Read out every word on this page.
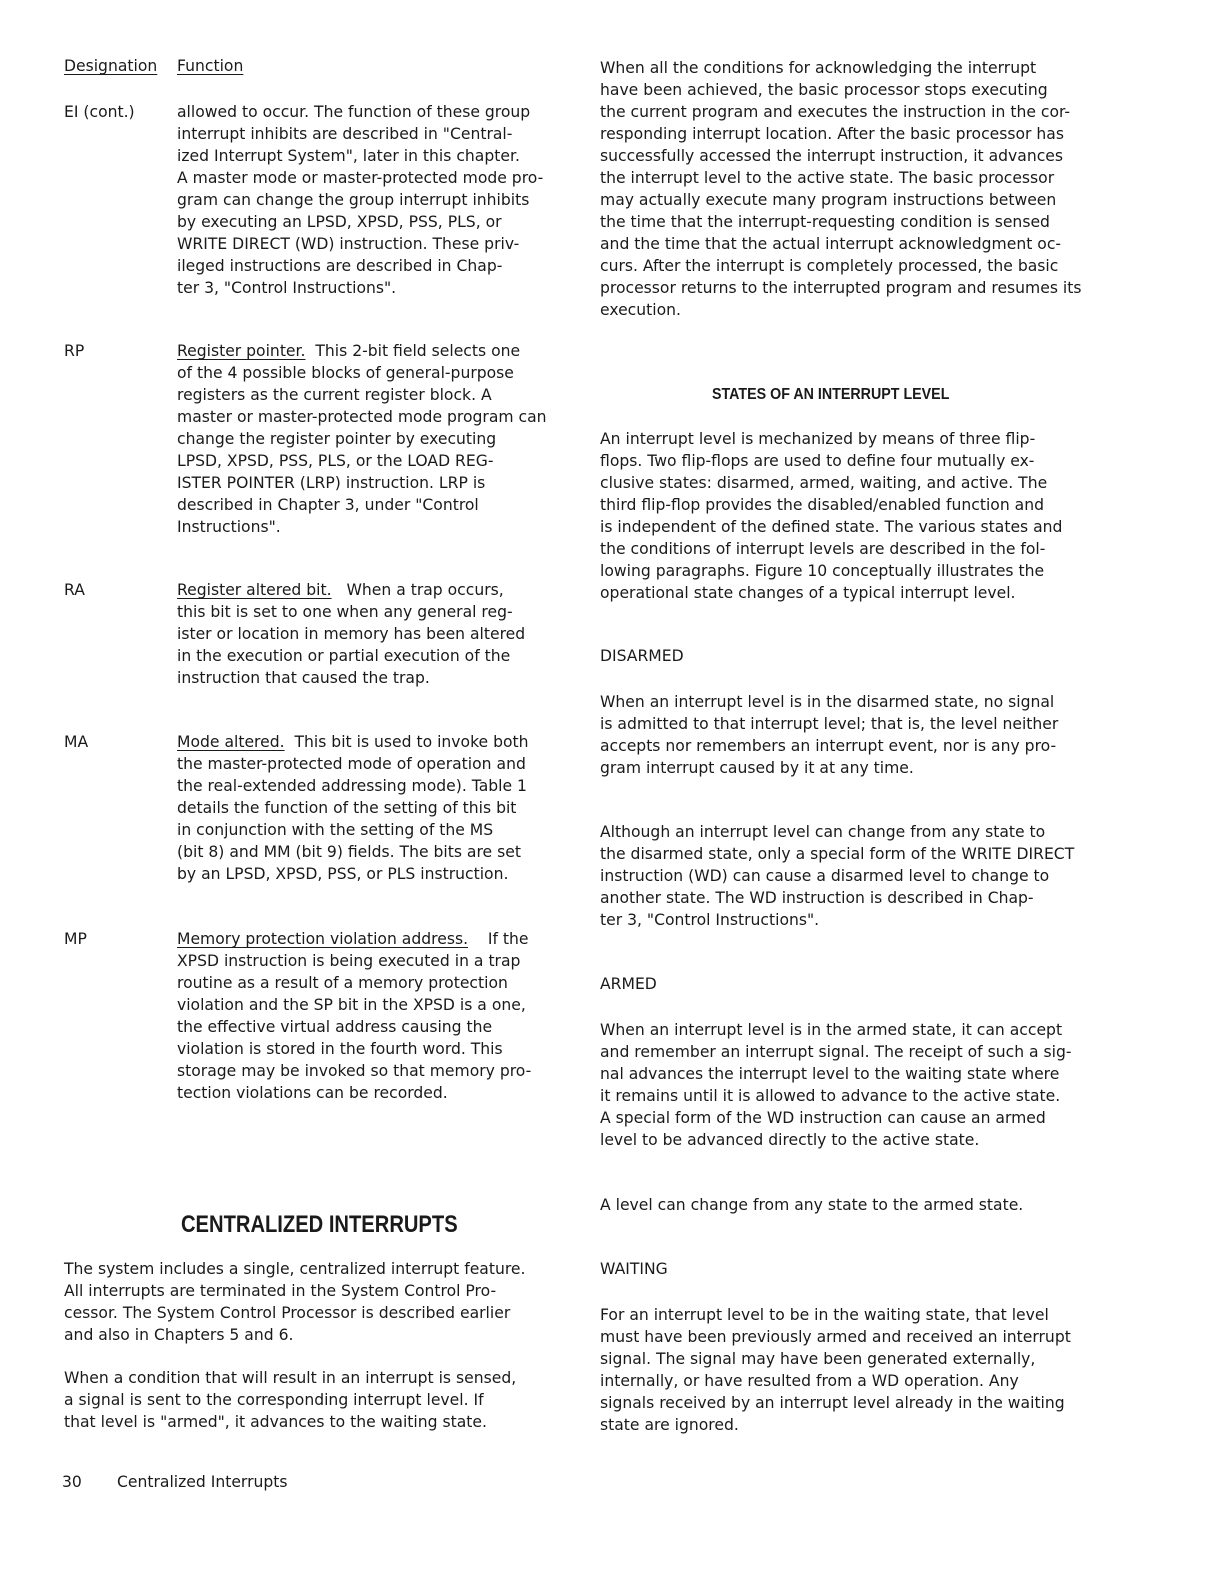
Designation Function
EI (cont.)	allowed to occur. The function of these group
interrupt inhibits are described in "Central-
ized Interrupt System", later in this chapter.
A master mode or master-protected mode pro-
gram can change the group interrupt inhibits
by executing an LPSD, XPSD, PSS, PLS, or
WRITE DIRECT (WD) instruction. These priv-
ileged instructions are described in Chap-
ter 3, "Control Instructions".
RP	Register pointer. This 2-bit field selects one
of the 4 possible blocks of general-purpose
registers as the current register block. A
master or master-protected mode program can
change the register pointer by executing
LPSD, XPSD, PSS, PLS, or the LOAD REG-
ISTER POINTER (LRP) instruction. LRP is
described in Chapter 3, under "Control
Instructions".
RA	Register altered bit. When a trap occurs,
this bit is set to one when any general reg-
ister or location in memory has been altered
in the execution or partial execution of the
instruction that caused the trap.
MA	Mode altered. This bit is used to invoke both
the master-protected mode of operation and
the real-extended addressing mode). Table 1
details the function of the setting of this bit
in conjunction with the setting of the MS
(bit 8) and MM (bit 9) fields. The bits are set
by an LPSD, XPSD, PSS, or PLS instruction.
MP	Memory protection violation address. If the
XPSD instruction is being executed in a trap
routine as a result of a memory protection
violation and the SP bit in the XPSD is a one,
the effective virtual address causing the
violation is stored in the fourth word. This
storage may be invoked so that memory pro-
tection violations can be recorded.
CENTRALIZED INTERRUPTS
The system includes a single, centralized interrupt feature.
All interrupts are terminated in the System Control Pro-
cessor. The System Control Processor is described earlier
and also in Chapters 5 and 6.
When a condition that will result in an interrupt is sensed,
a signal is sent to the corresponding interrupt level. If
that level is "armed", it advances to the waiting state.
When all the conditions for acknowledging the interrupt
have been achieved, the basic processor stops executing
the current program and executes the instruction in the cor-
responding interrupt location. After the basic processor has
successfully accessed the interrupt instruction, it advances
the interrupt level to the active state. The basic processor
may actually execute many program instructions between
the time that the interrupt-requesting condition is sensed
and the time that the actual interrupt acknowledgment oc-
curs. After the interrupt is completely processed, the basic
processor returns to the interrupted program and resumes its
execution.
STATES OF AN INTERRUPT LEVEL
An interrupt level is mechanized by means of three flip-
flops. Two flip-flops are used to define four mutually ex-
clusive states: disarmed, armed, waiting, and active. The
third flip-flop provides the disabled/enabled function and
is independent of the defined state. The various states and
the conditions of interrupt levels are described in the fol-
lowing paragraphs. Figure 10 conceptually illustrates the
operational state changes of a typical interrupt level.
DISARMED
When an interrupt level is in the disarmed state, no signal
is admitted to that interrupt level; that is, the level neither
accepts nor remembers an interrupt event, nor is any pro-
gram interrupt caused by it at any time.
Although an interrupt level can change from any state to
the disarmed state, only a special form of the WRITE DIRECT
instruction (WD) can cause a disarmed level to change to
another state. The WD instruction is described in Chap-
ter 3, "Control Instructions".
ARMED
When an interrupt level is in the armed state, it can accept
and remember an interrupt signal. The receipt of such a sig-
nal advances the interrupt level to the waiting state where
it remains until it is allowed to advance to the active state.
A special form of the WD instruction can cause an armed
level to be advanced directly to the active state.
A level can change from any state to the armed state.
WAITING
For an interrupt level to be in the waiting state, that level
must have been previously armed and received an interrupt
signal. The signal may have been generated externally,
internally, or have resulted from a WD operation. Any
signals received by an interrupt level already in the waiting
state are ignored.
30 Centralized Interrupts
